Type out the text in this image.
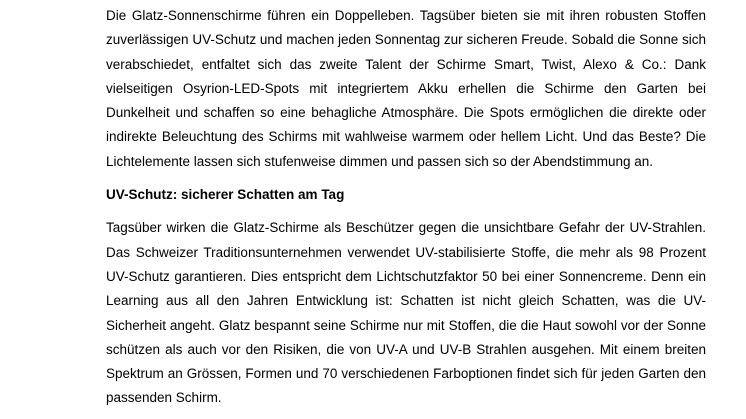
Die Glatz-Sonnenschirme führen ein Doppelleben. Tagsüber bieten sie mit ihren robusten Stoffen zuverlässigen UV-Schutz und machen jeden Sonnentag zur sicheren Freude. Sobald die Sonne sich verabschiedet, entfaltet sich das zweite Talent der Schirme Smart, Twist, Alexo & Co.: Dank vielseitigen Osyrion-LED-Spots mit integriertem Akku erhellen die Schirme den Garten bei Dunkelheit und schaffen so eine behagliche Atmosphäre. Die Spots ermöglichen die direkte oder indirekte Beleuchtung des Schirms mit wahlweise warmem oder hellem Licht. Und das Beste? Die Lichtelemente lassen sich stufenweise dimmen und passen sich so der Abendstimmung an.

UV-Schutz: sicherer Schatten am Tag

Tagsüber wirken die Glatz-Schirme als Beschützer gegen die unsichtbare Gefahr der UV-Strahlen. Das Schweizer Traditionsunternehmen verwendet UV-stabilisierte Stoffe, die mehr als 98 Prozent UV-Schutz garantieren. Dies entspricht dem Lichtschutzfaktor 50 bei einer Sonnencreme. Denn ein Learning aus all den Jahren Entwicklung ist: Schatten ist nicht gleich Schatten, was die UV-Sicherheit angeht. Glatz bespannt seine Schirme nur mit Stoffen, die die Haut sowohl vor der Sonne schützen als auch vor den Risiken, die von UV-A und UV-B Strahlen ausgehen. Mit einem breiten Spektrum an Grössen, Formen und 70 verschiedenen Farboptionen findet sich für jeden Garten den passenden Schirm.
